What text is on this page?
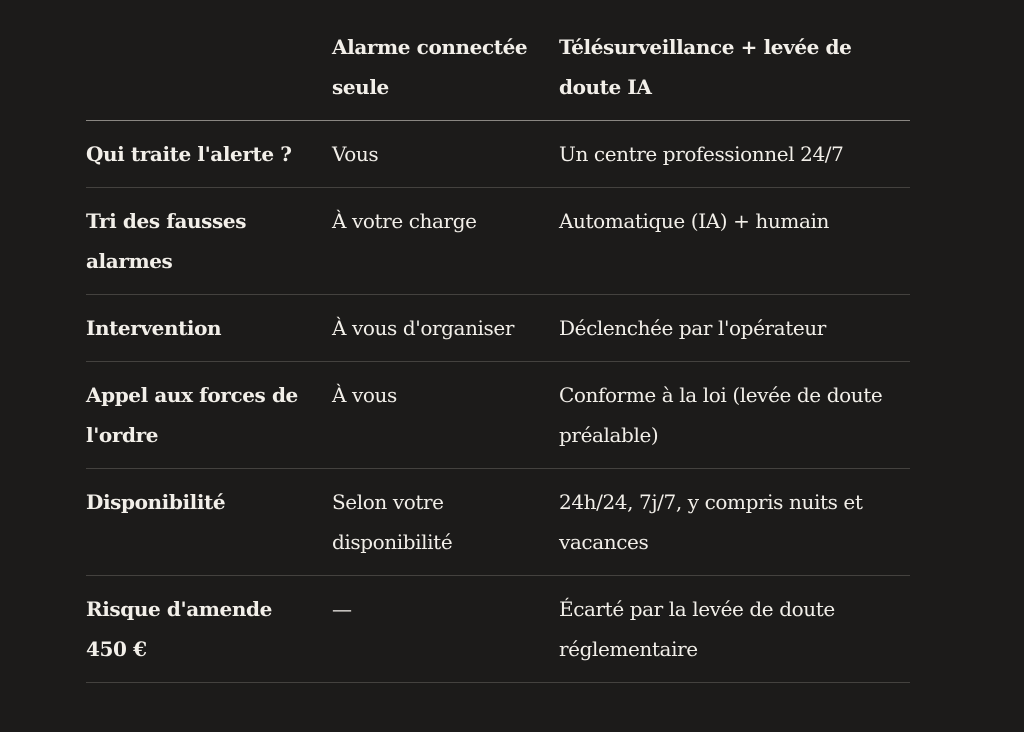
	Alarme connectée seule	Télésurveillance + levée de doute IA
Qui traite l'alerte ?	Vous	Un centre professionnel 24/7
Tri des fausses alarmes	À votre charge	Automatique (IA) + humain
Intervention	À vous d'organiser	Déclenchée par l'opérateur
Appel aux forces de l'ordre	À vous	Conforme à la loi (levée de doute préalable)
Disponibilité	Selon votre disponibilité	24h/24, 7j/7, y compris nuits et vacances
Risque d'amende 450 €	—	Écarté par la levée de doute réglementaire
